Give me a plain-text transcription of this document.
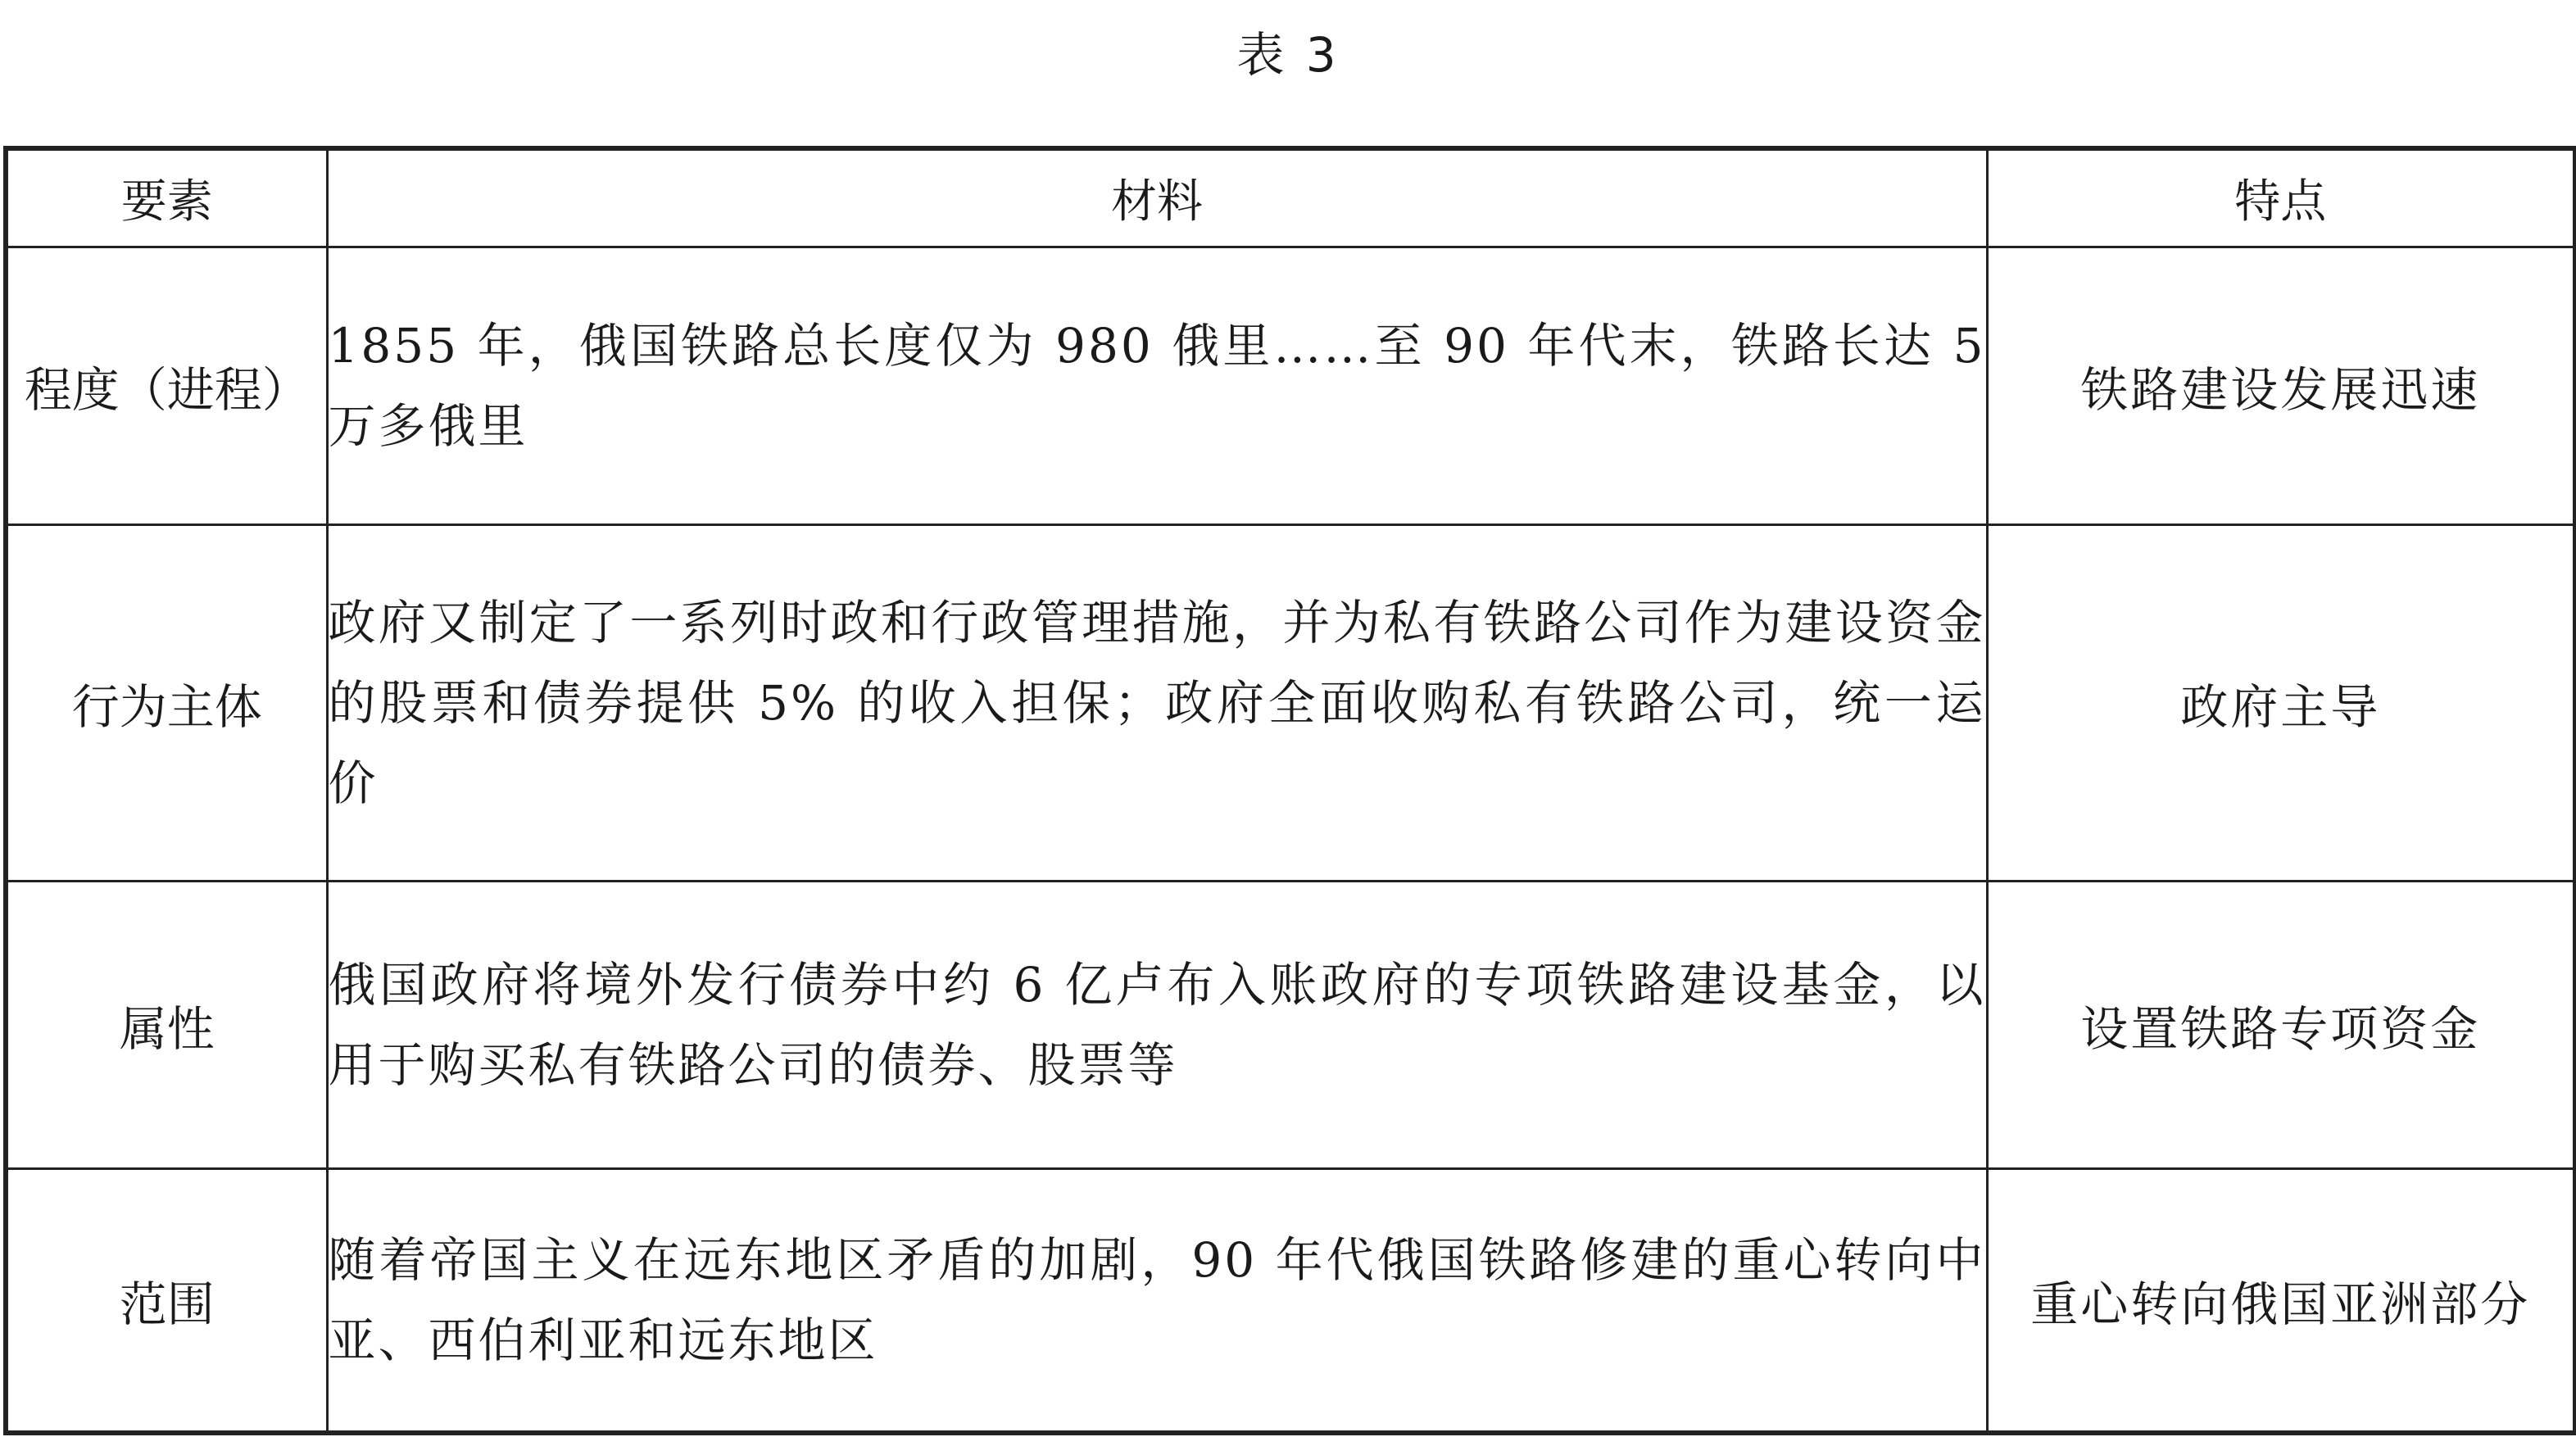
表 3
要素	材料	特点
程度（进程）	1855 年，俄国铁路总长度仅为 980 俄里……至 90 年代末，铁路长达 5 万多俄里	铁路建设发展迅速
行为主体	政府又制定了一系列时政和行政管理措施，并为私有铁路公司作为建设资金的股票和债券提供 5% 的收入担保；政府全面收购私有铁路公司，统一运价	政府主导
属性	俄国政府将境外发行债券中约 6 亿卢布入账政府的专项铁路建设基金，以用于购买私有铁路公司的债券、股票等	设置铁路专项资金
范围	随着帝国主义在远东地区矛盾的加剧，90 年代俄国铁路修建的重心转向中亚、西伯利亚和远东地区	重心转向俄国亚洲部分
